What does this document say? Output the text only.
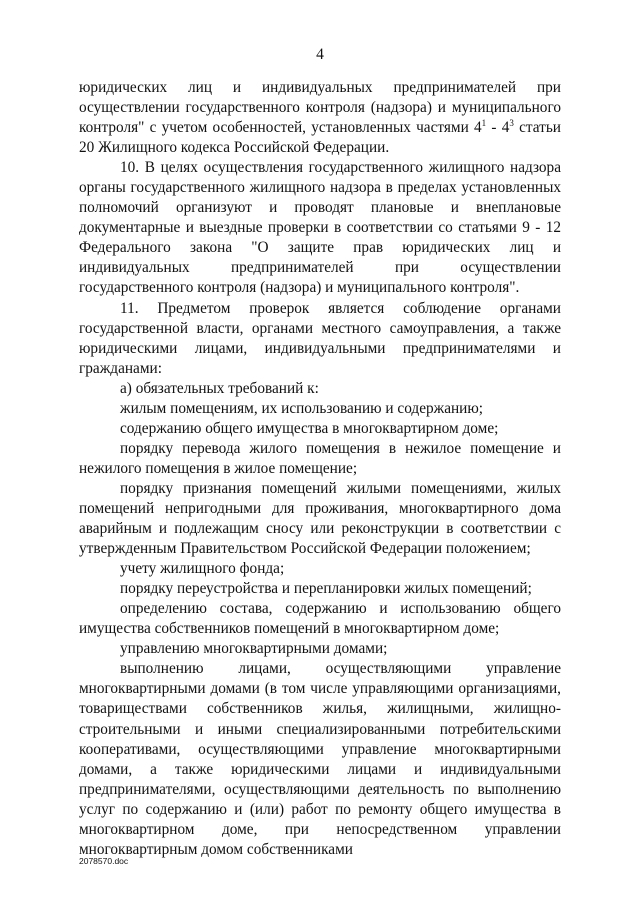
4

юридических лиц и индивидуальных предпринимателей при осуществлении государственного контроля (надзора) и муниципального контроля" с учетом особенностей, установленных частями $4^1 - 4^3$ статьи 20 Жилищного кодекса Российской Федерации.

10. В целях осуществления государственного жилищного надзора органы государственного жилищного надзора в пределах установленных полномочий организуют и проводят плановые и внеплановые документарные и выездные проверки в соответствии со статьями 9 - 12 Федерального закона "О защите прав юридических лиц и индивидуальных предпринимателей при осуществлении государственного контроля (надзора) и муниципального контроля".

11. Предметом проверок является соблюдение органами государственной власти, органами местного самоуправления, а также юридическими лицами, индивидуальными предпринимателями и гражданами:

а) обязательных требований к:

жилым помещениям, их использованию и содержанию;

содержанию общего имущества в многоквартирном доме;

порядку перевода жилого помещения в нежилое помещение и нежилого помещения в жилое помещение;

порядку признания помещений жилыми помещениями, жилых помещений непригодными для проживания, многоквартирного дома аварийным и подлежащим сносу или реконструкции в соответствии с утвержденным Правительством Российской Федерации положением;

учету жилищного фонда;

порядку переустройства и перепланировки жилых помещений;

определению состава, содержанию и использованию общего имущества собственников помещений в многоквартирном доме;

управлению многоквартирными домами;

выполнению лицами, осуществляющими управление многоквартирными домами (в том числе управляющими организациями, товариществами собственников жилья, жилищными, жилищно-строительными и иными специализированными потребительскими кооперативами, осуществляющими управление многоквартирными домами, а также юридическими лицами и индивидуальными предпринимателями, осуществляющими деятельность по выполнению услуг по содержанию и (или) работ по ремонту общего имущества в многоквартирном доме, при непосредственном управлении многоквартирным домом собственниками

2078570.doc
